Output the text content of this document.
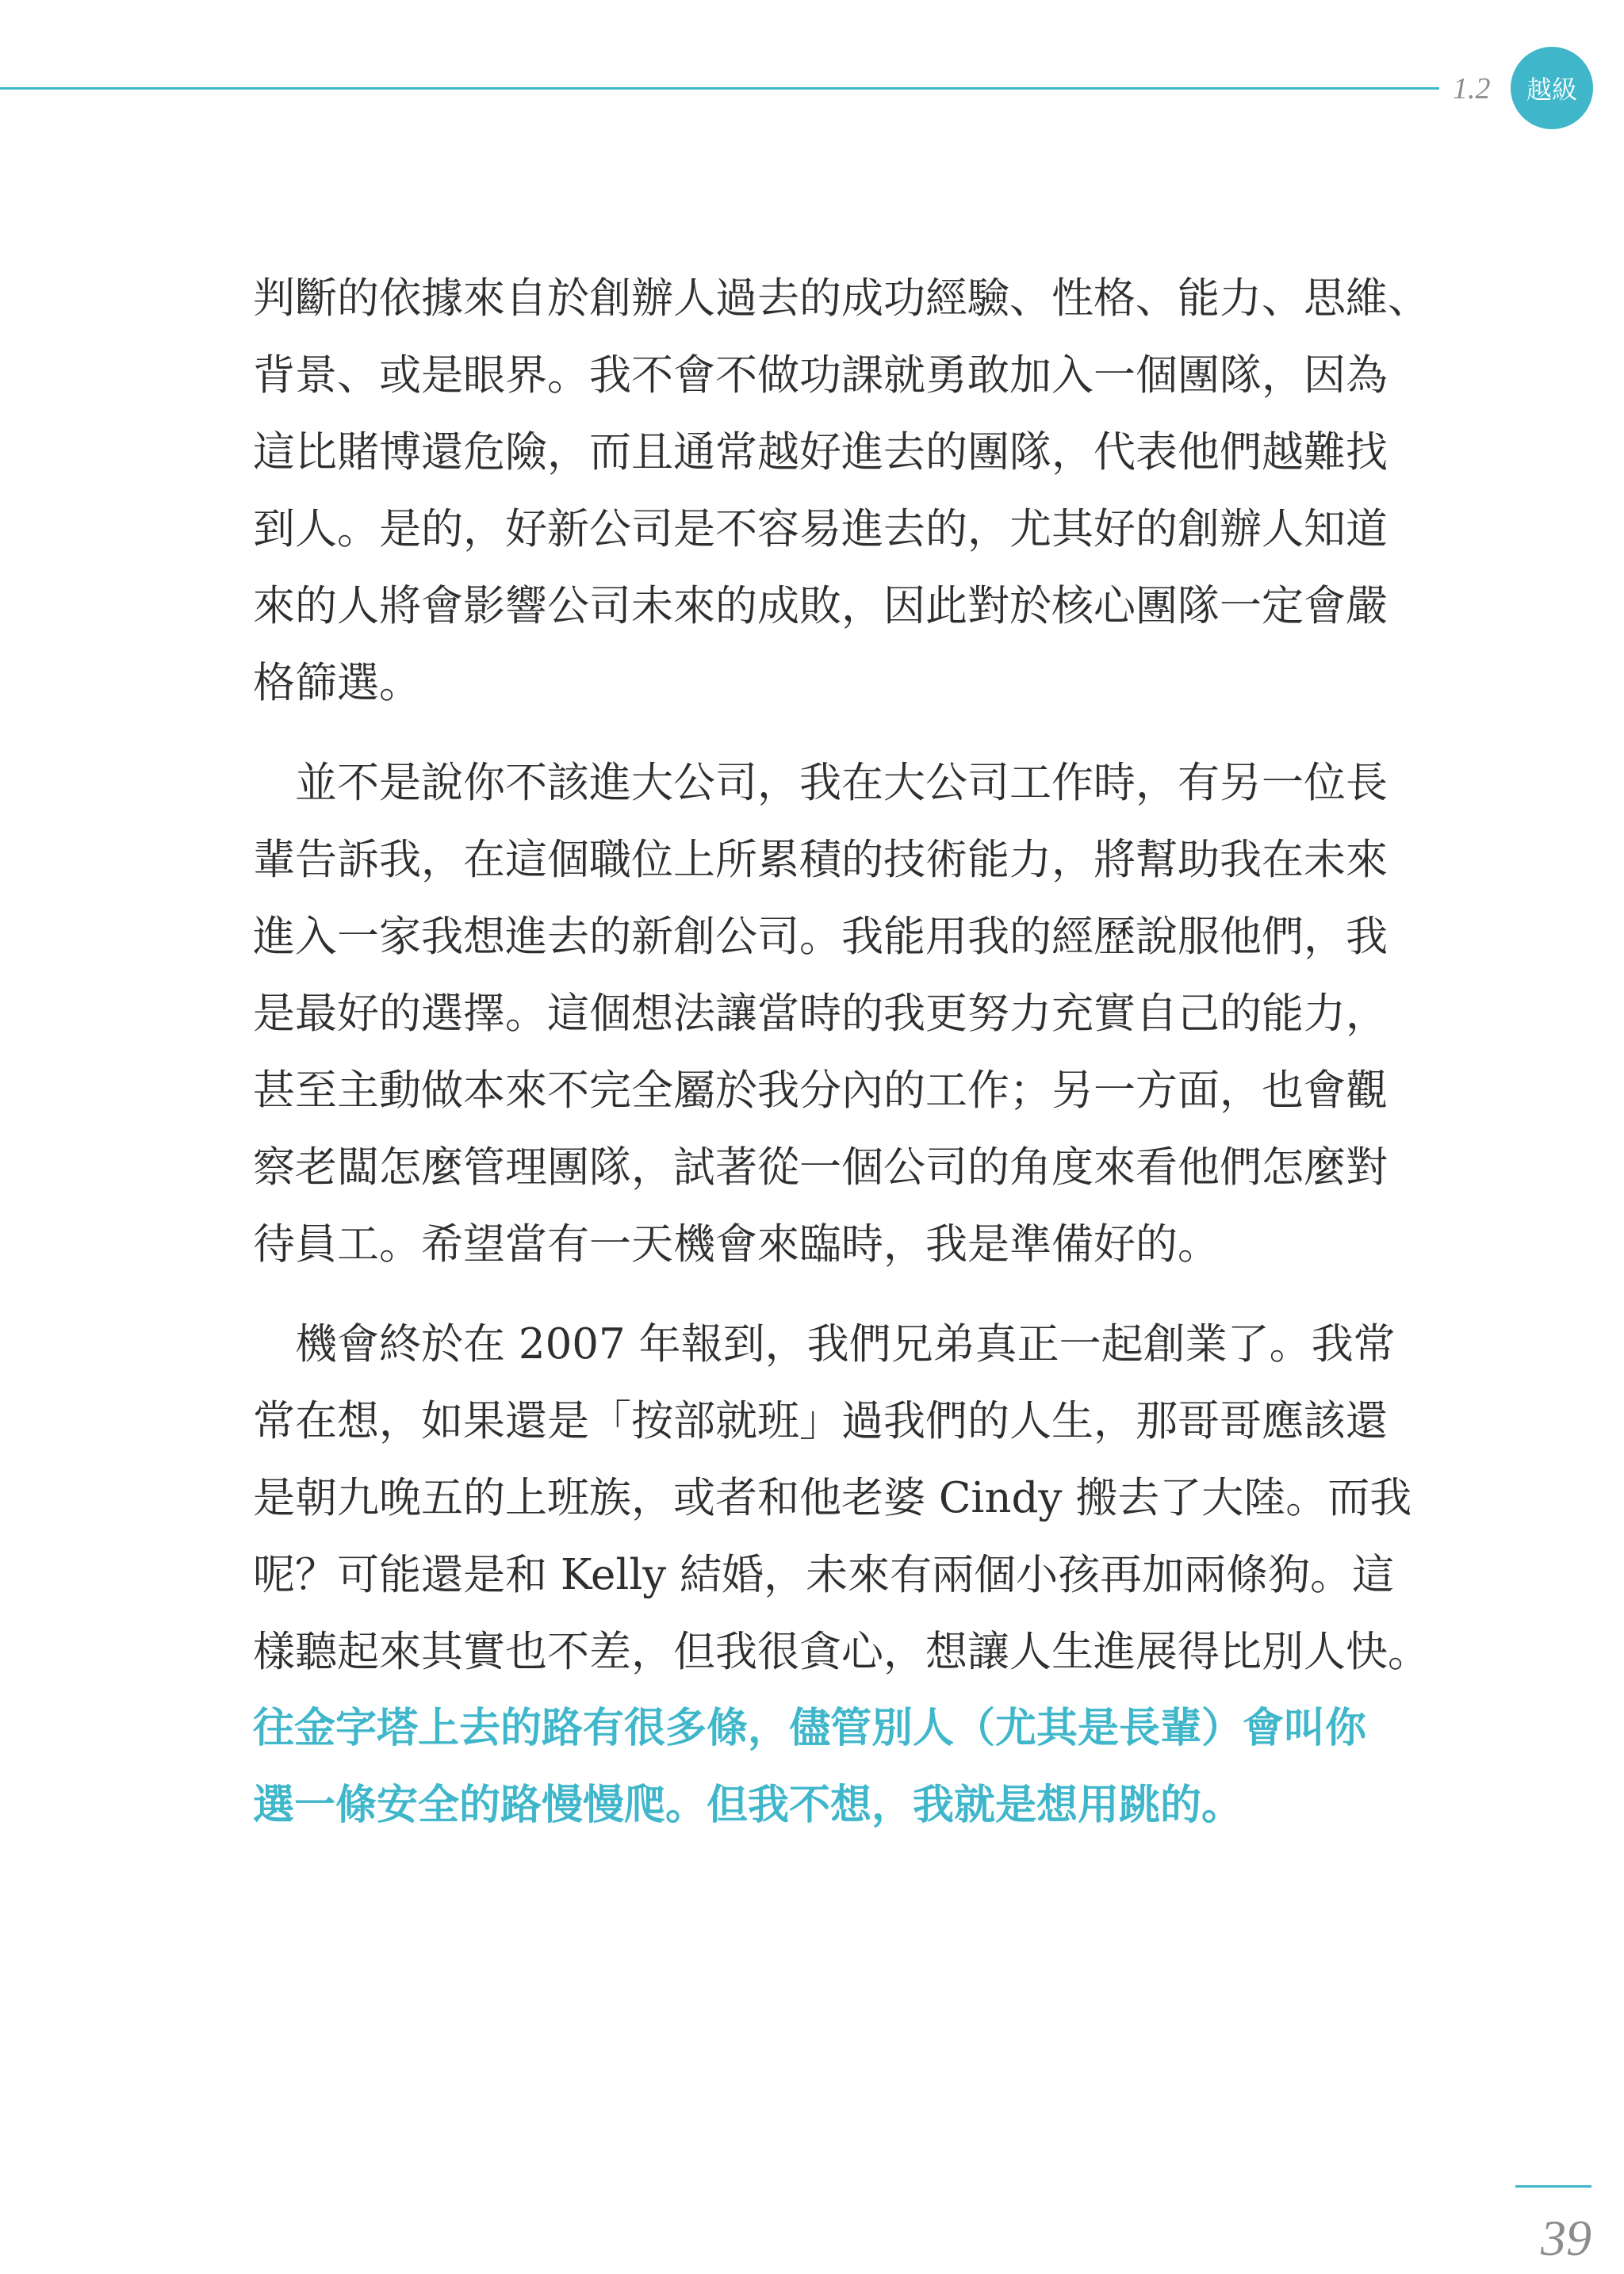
1.2 越級
判斷的依據來自於創辦人過去的成功經驗、性格、能力、思維、
背景、或是眼界。我不會不做功課就勇敢加入一個團隊，因為
這比賭博還危險，而且通常越好進去的團隊，代表他們越難找
到人。是的，好新公司是不容易進去的，尤其好的創辦人知道
來的人將會影響公司未來的成敗，因此對於核心團隊一定會嚴
格篩選。
並不是說你不該進大公司，我在大公司工作時，有另一位長
輩告訴我，在這個職位上所累積的技術能力，將幫助我在未來
進入一家我想進去的新創公司。我能用我的經歷說服他們，我
是最好的選擇。這個想法讓當時的我更努力充實自己的能力，
甚至主動做本來不完全屬於我分內的工作；另一方面，也會觀
察老闆怎麼管理團隊，試著從一個公司的角度來看他們怎麼對
待員工。希望當有一天機會來臨時，我是準備好的。
機會終於在 2007 年報到，我們兄弟真正一起創業了。我常
常在想，如果還是「按部就班」過我們的人生，那哥哥應該還
是朝九晚五的上班族，或者和他老婆 Cindy 搬去了大陸。而我
呢？可能還是和 Kelly 結婚，未來有兩個小孩再加兩條狗。這
樣聽起來其實也不差，但我很貪心，想讓人生進展得比別人快。
往金字塔上去的路有很多條，儘管別人（尤其是長輩）會叫你
選一條安全的路慢慢爬。但我不想，我就是想用跳的。
39
